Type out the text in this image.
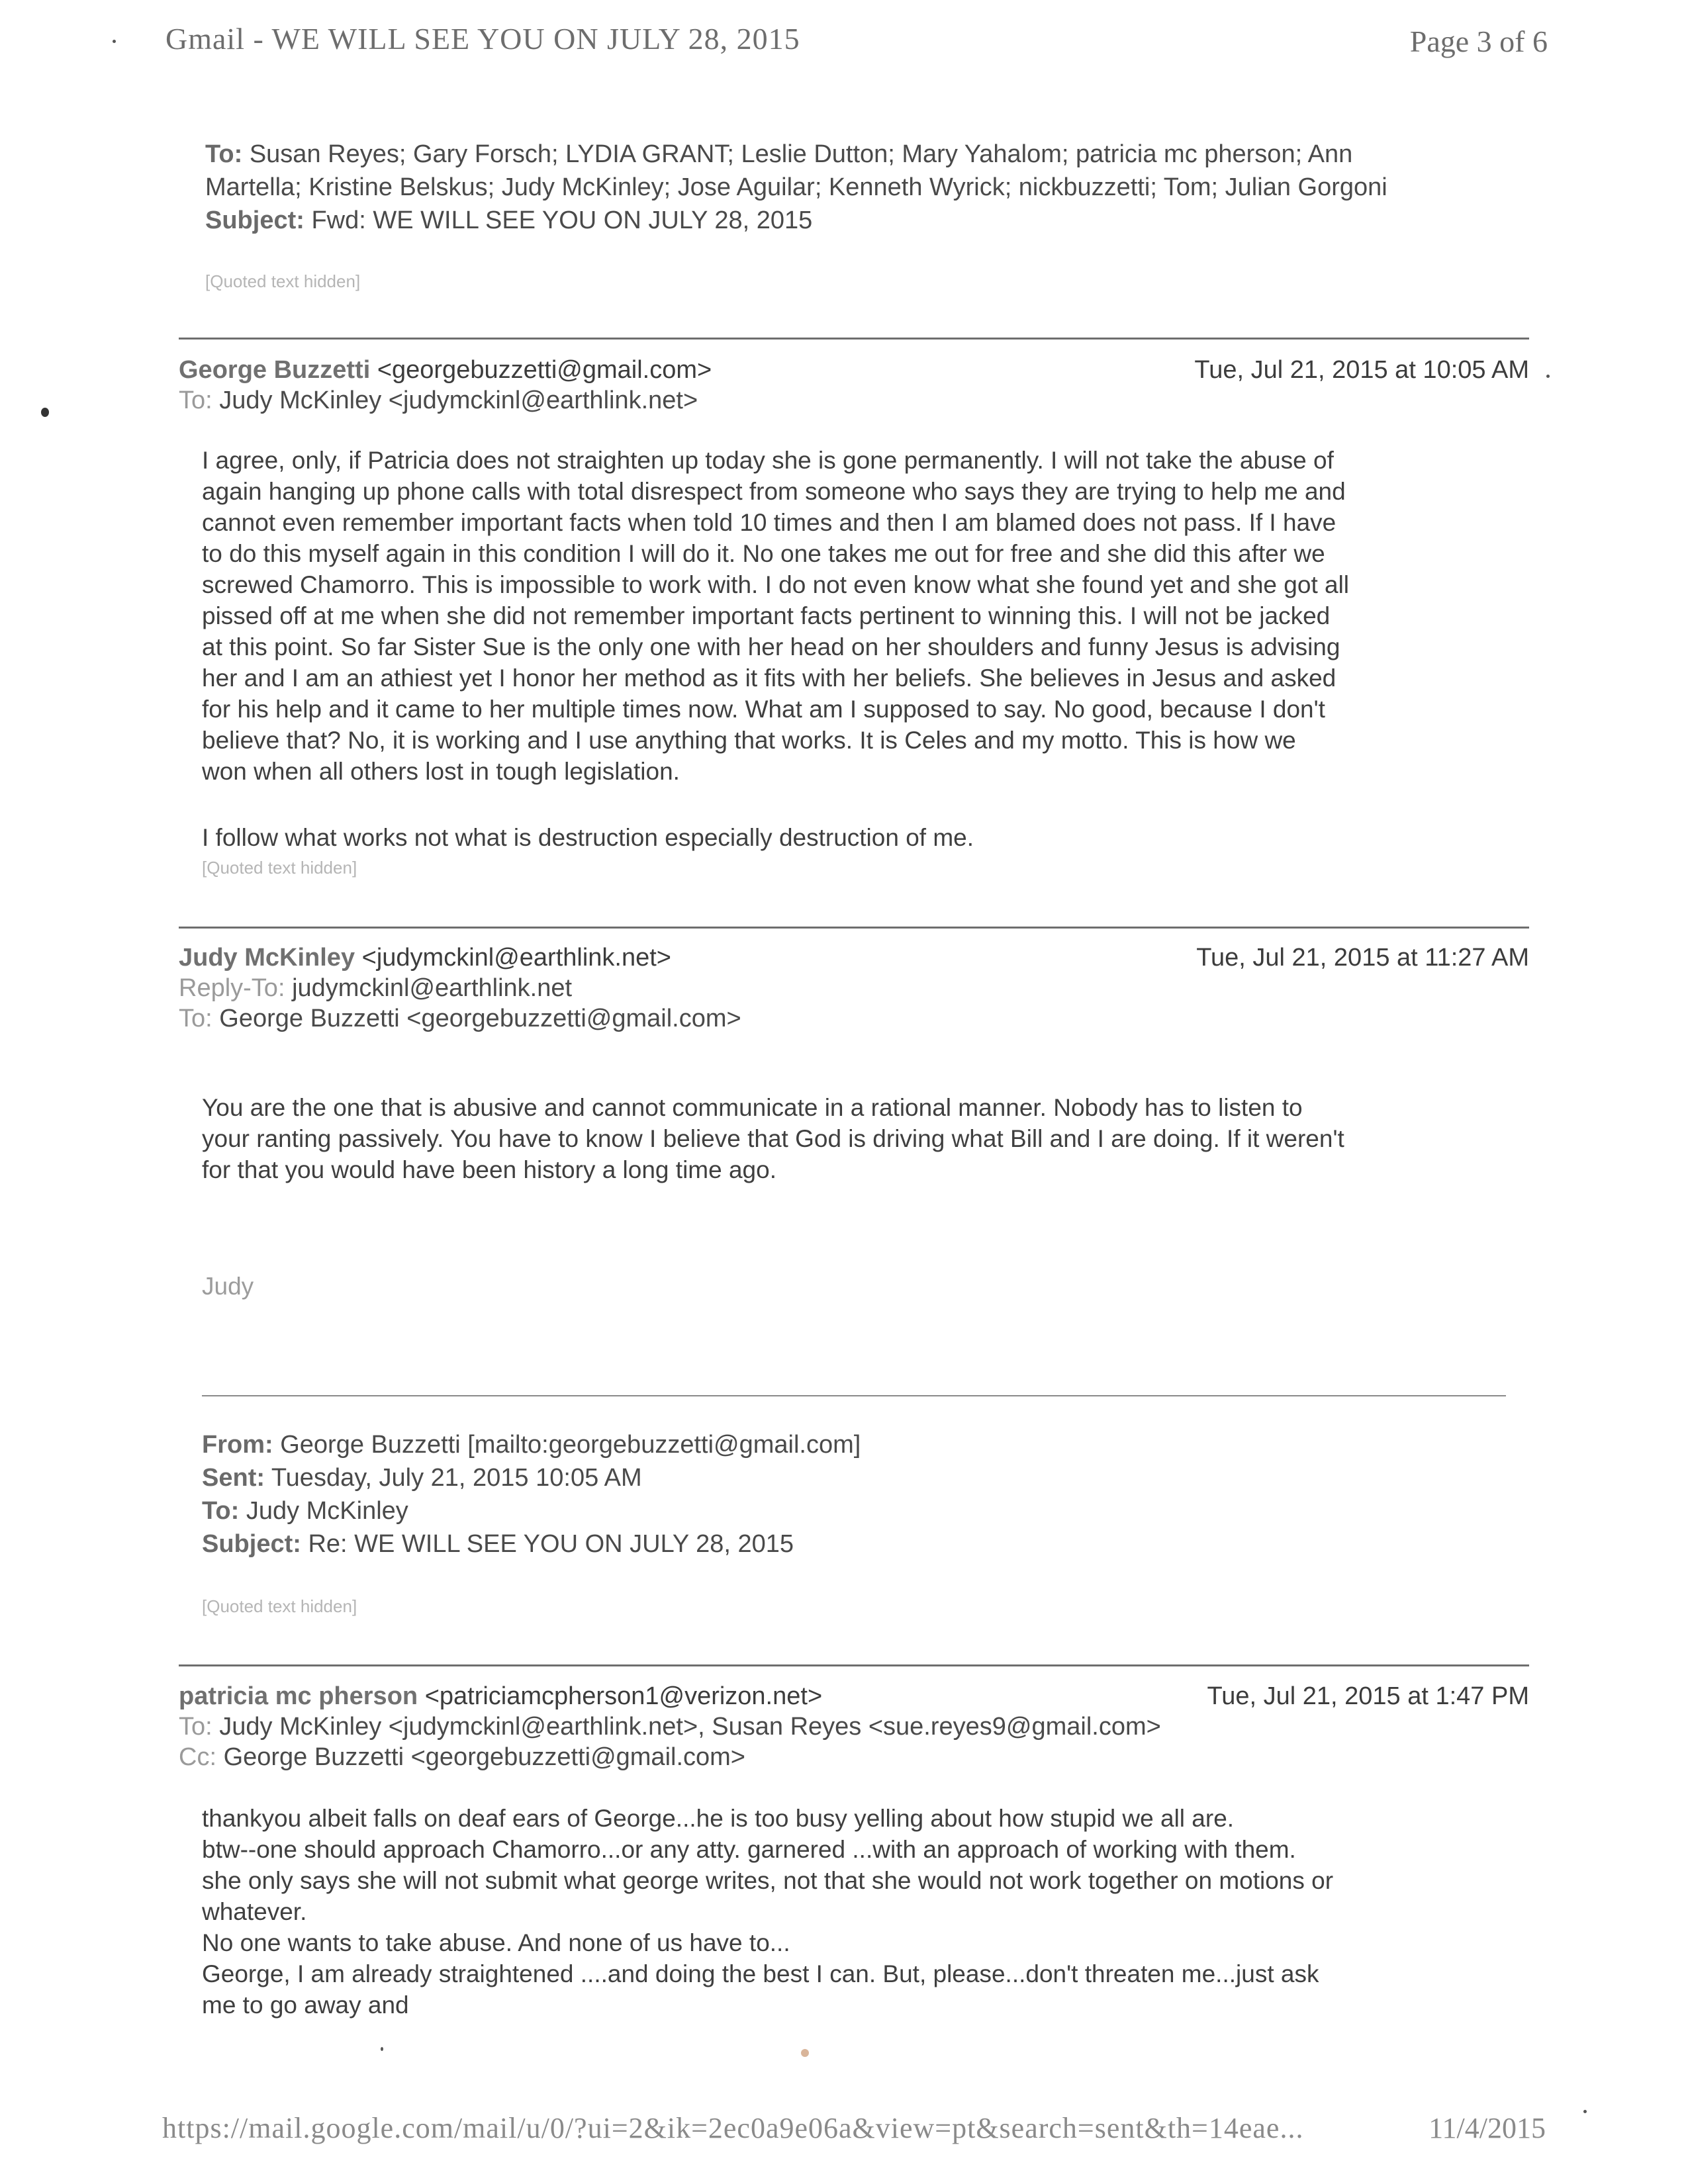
Gmail - WE WILL SEE YOU ON JULY 28, 2015	Page 3 of 6
To: Susan Reyes; Gary Forsch; LYDIA GRANT; Leslie Dutton; Mary Yahalom; patricia mc pherson; Ann
Martella; Kristine Belskus; Judy McKinley; Jose Aguilar; Kenneth Wyrick; nickbuzzetti; Tom; Julian Gorgoni
Subject: Fwd: WE WILL SEE YOU ON JULY 28, 2015
[Quoted text hidden]
George Buzzetti <georgebuzzetti@gmail.com>	Tue, Jul 21, 2015 at 10:05 AM
To: Judy McKinley <judymckinl@earthlink.net>

I agree, only, if Patricia does not straighten up today she is gone permanently. I will not take the abuse of

again hanging up phone calls with total disrespect from someone who says they are trying to help me and

cannot even remember important facts when told 10 times and then I am blamed does not pass. If I have

to do this myself again in this condition I will do it. No one takes me out for free and she did this after we

screwed Chamorro. This is impossible to work with. I do not even know what she found yet and she got all

pissed off at me when she did not remember important facts pertinent to winning this. I will not be jacked

at this point. So far Sister Sue is the only one with her head on her shoulders and funny Jesus is advising

her and I am an athiest yet I honor her method as it fits with her beliefs. She believes in Jesus and asked

for his help and it came to her multiple times now. What am I supposed to say. No good, because I don't

believe that? No, it is working and I use anything that works. It is Celes and my motto. This is how we

won when all others lost in tough legislation.

I follow what works not what is destruction especially destruction of me.
[Quoted text hidden]
Judy McKinley <judymckinl@earthlink.net>	Tue, Jul 21, 2015 at 11:27 AM
Reply-To: judymckinl@earthlink.net
To: George Buzzetti <georgebuzzetti@gmail.com>

You are the one that is abusive and cannot communicate in a rational manner. Nobody has to listen to

your ranting passively. You have to know I believe that God is driving what Bill and I are doing. If it weren't

for that you would have been history a long time ago.

Judy
From: George Buzzetti [mailto:georgebuzzetti@gmail.com]
Sent: Tuesday, July 21, 2015 10:05 AM
To: Judy McKinley
Subject: Re: WE WILL SEE YOU ON JULY 28, 2015
[Quoted text hidden]
patricia mc pherson <patriciamcpherson1@verizon.net>	Tue, Jul 21, 2015 at 1:47 PM
To: Judy McKinley <judymckinl@earthlink.net>, Susan Reyes <sue.reyes9@gmail.com>
Cc: George Buzzetti <georgebuzzetti@gmail.com>

thankyou albeit falls on deaf ears of George...he is too busy yelling about how stupid we all are.

btw--one should approach Chamorro...or any atty. garnered ...with an approach of working with them.

she only says she will not submit what george writes, not that she would not work together on motions or

whatever.

No one wants to take abuse. And none of us have to...

George, I am already straightened ....and doing the best I can. But, please...don't threaten me...just ask

me to go away and

https://mail.google.com/mail/u/0/?ui=2&ik=2ec0a9e06a&view=pt&search=sent&th=14eae...	11/4/2015
